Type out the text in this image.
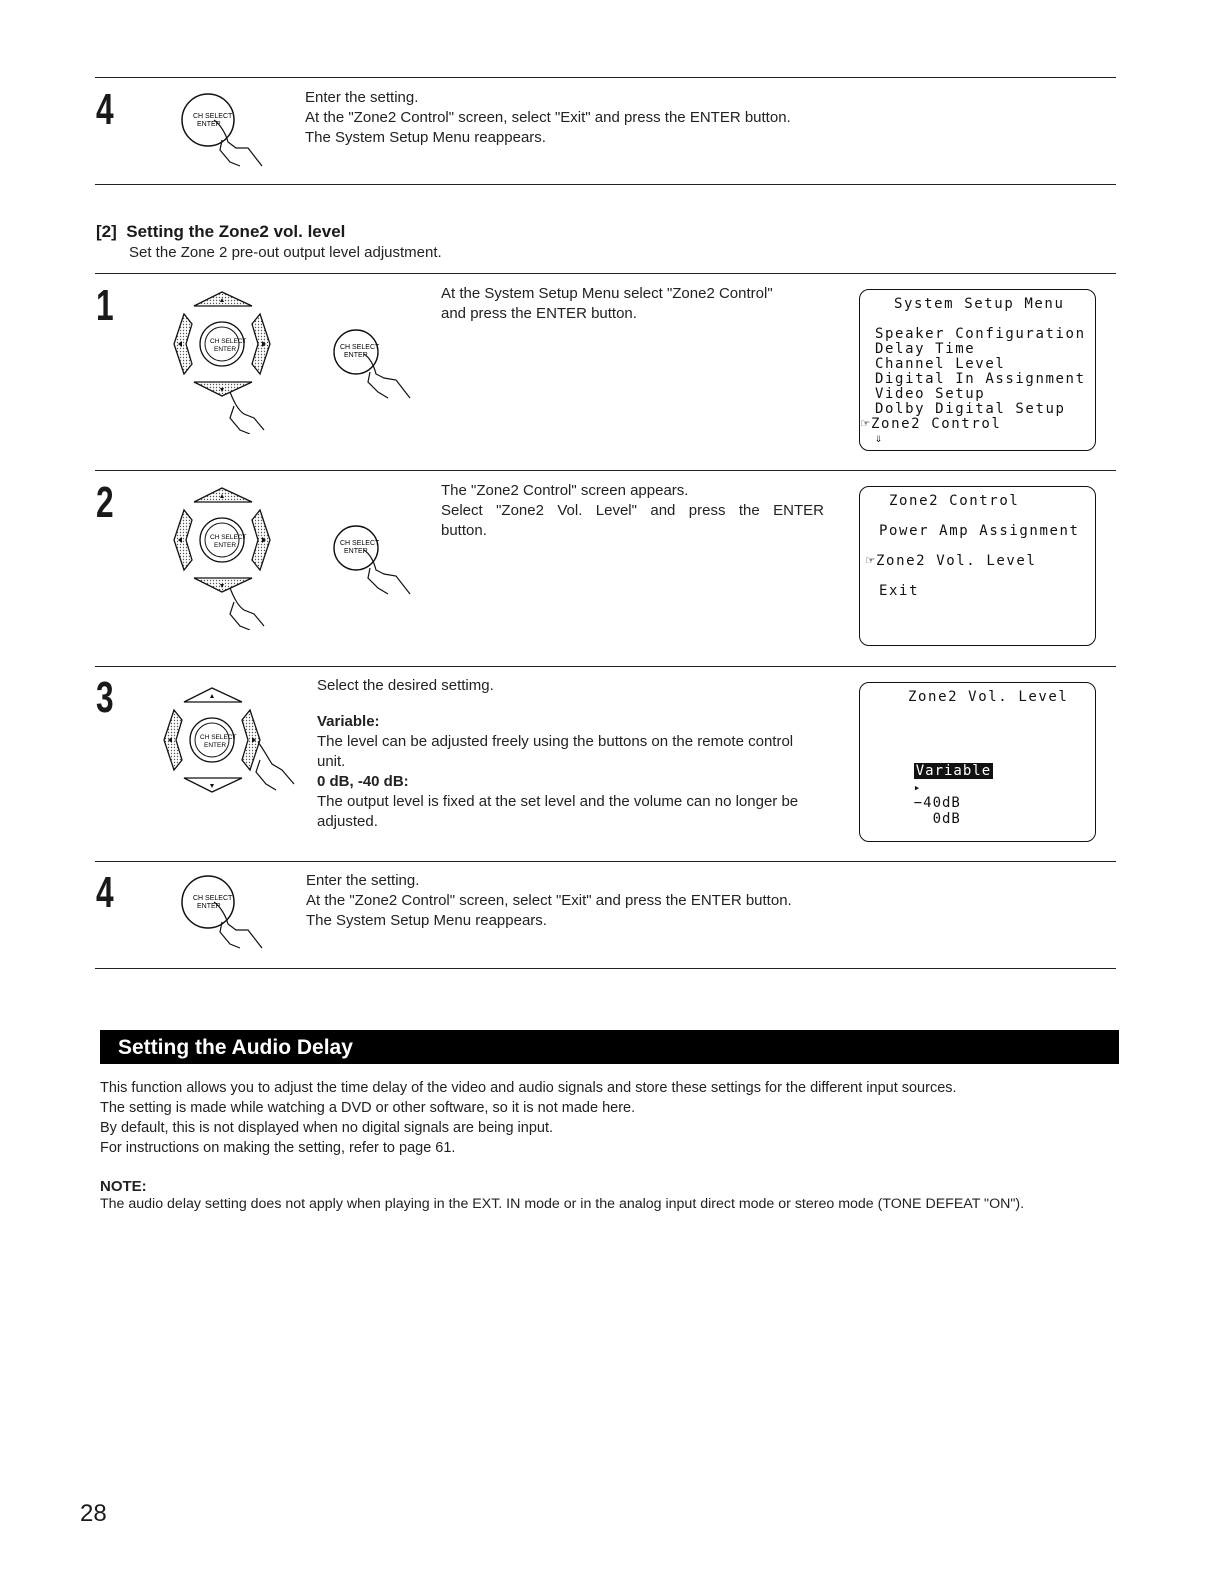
4	CH SELECT
ENTER
Enter the setting.
At the "Zone2 Control" screen, select "Exit" and press the ENTER button.
The System Setup Menu reappears.
[2] Setting the Zone2 vol. level
Set the Zone 2 pre-out output level adjustment.
1
CH SELECT
ENTER	CH SELECT
ENTER
At the System Setup Menu select "Zone2 Control"
and press the ENTER button.
System Setup Menu
Speaker Configuration
Delay Time
Channel Level
Digital In Assignment
Video Setup
Dolby Digital Setup
☞Zone2 Control
⇓
2
CH SELECT
ENTER	CH SELECT
ENTER
The "Zone2 Control" screen appears.
Select "Zone2 Vol. Level" and press the ENTER
button.
Zone2 Control
Power Amp Assignment
☞Zone2 Vol. Level
Exit
3
CH SELECT
ENTER
Select the desired settimg.
Variable:
The level can be adjusted freely using the buttons on the remote control
unit.
0 dB, -40 dB:
The output level is fixed at the set level and the volume can no longer be
adjusted.
Zone2 Vol. Level

Variable
▸
−40dB
0dB

4	CH SELECT
ENTER
Enter the setting.
At the "Zone2 Control" screen, select "Exit" and press the ENTER button.
The System Setup Menu reappears.
Setting the Audio Delay
This function allows you to adjust the time delay of the video and audio signals and store these settings for the different input sources.
The setting is made while watching a DVD or other software, so it is not made here.
By default, this is not displayed when no digital signals are being input.
For instructions on making the setting, refer to page 61.
NOTE:
The audio delay setting does not apply when playing in the EXT. IN mode or in the analog input direct mode or stereo mode (TONE DEFEAT "ON").
28
